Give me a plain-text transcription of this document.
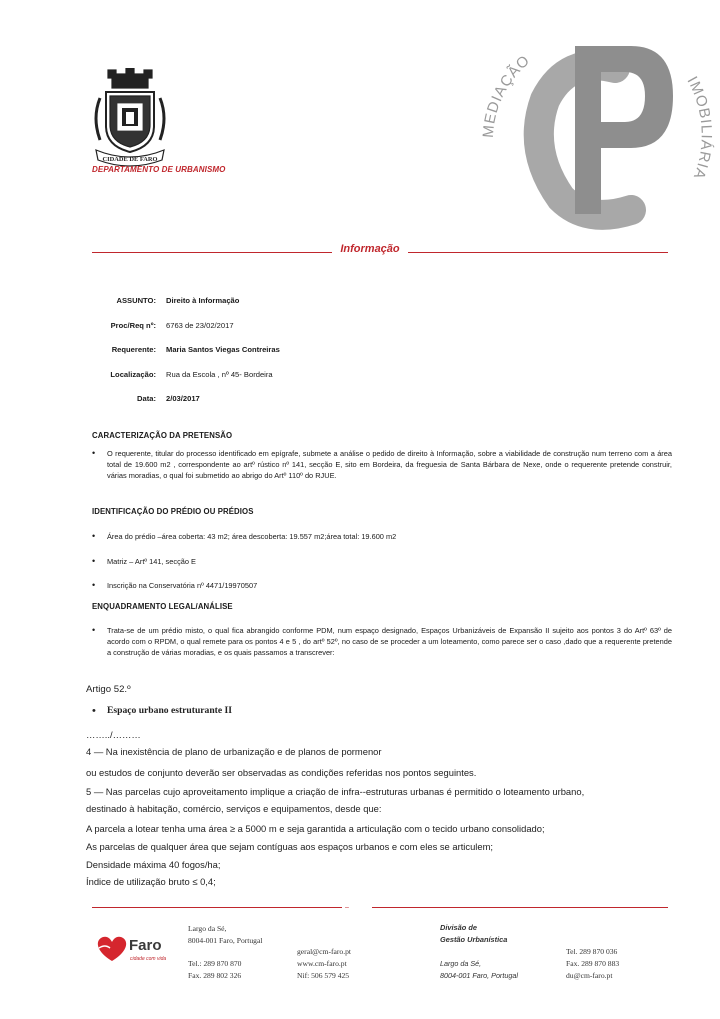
CIDADE DE FARO
DEPARTAMENTO DE URBANISMO
MEDIAÇÃO
IMOBILIÁRIA
Informação
ASSUNTO:	Direito à Informação
Proc/Req nº:	6763 de 23/02/2017
Requerente:	Maria Santos Viegas Contreiras
Localização:	Rua da Escola , nº 45- Bordeira
Data:	2/03/2017
CARACTERIZAÇÃO DA PRETENSÃO
•	O requerente, titular do processo identificado em epígrafe, submete a análise o pedido de direito à Informação, sobre a viabilidade de construção num terreno com a área total de 19.600 m2 , correspondente ao artº rústico nº 141, secção E, sito em Bordeira, da freguesia de Santa Bárbara de Nexe, onde o requerente pretende construir, várias moradias, o qual foi submetido ao abrigo do Artº 110º do RJUE.
IDENTIFICAÇÃO DO PRÉDIO OU PRÉDIOS
•	Área do prédio –área coberta: 43 m2; área descoberta: 19.557 m2;área total: 19.600 m2
•	Matriz – Artº 141, secção E
•	Inscrição na Conservatória nº 4471/19970507
ENQUADRAMENTO LEGAL/ANÁLISE
•	Trata-se de um prédio misto, o qual fica abrangido conforme PDM, num espaço designado, Espaços Urbanizáveis de Expansão II sujeito aos pontos 3 do Artº 63º de acordo com o RPDM, o qual remete para os pontos 4 e 5 , do artº 52º, no caso de se proceder a um loteamento, como parece ser o caso ,dado que a requerente pretende a construção de várias moradias, e os quais passamos a transcrever:
Artigo 52.º
•	Espaço urbano estruturante II
……../………
4 — Na inexistência de plano de urbanização e de planos de pormenor
ou estudos de conjunto deverão ser observadas as condições referidas nos pontos seguintes.
5 — Nas parcelas cujo aproveitamento implique a criação de infra--estruturas urbanas é permitido o loteamento urbano,
destinado à habitação, comércio, serviços e equipamentos, desde que:
A parcela a lotear tenha uma área ≥ a 5000 m e seja garantida a articulação com o tecido urbano consolidado;
As parcelas de qualquer área que sejam contíguas aos espaços urbanos e com eles se articulem;
Densidade máxima 40 fogos/ha;
Índice de utilização bruto ≤ 0,4;
–
Faro
cidade com vida
Largo da Sé,
8004-001 Faro, Portugal
Tel.: 289 870 870
Fax. 289 802 326
geral@cm-faro.pt
www.cm-faro.pt
Nif: 506 579 425
Divisão de
Gestão Urbanística
Largo da Sé,
8004-001 Faro, Portugal
Tel. 289 870 036
Fax. 289 870 883
du@cm-faro.pt
